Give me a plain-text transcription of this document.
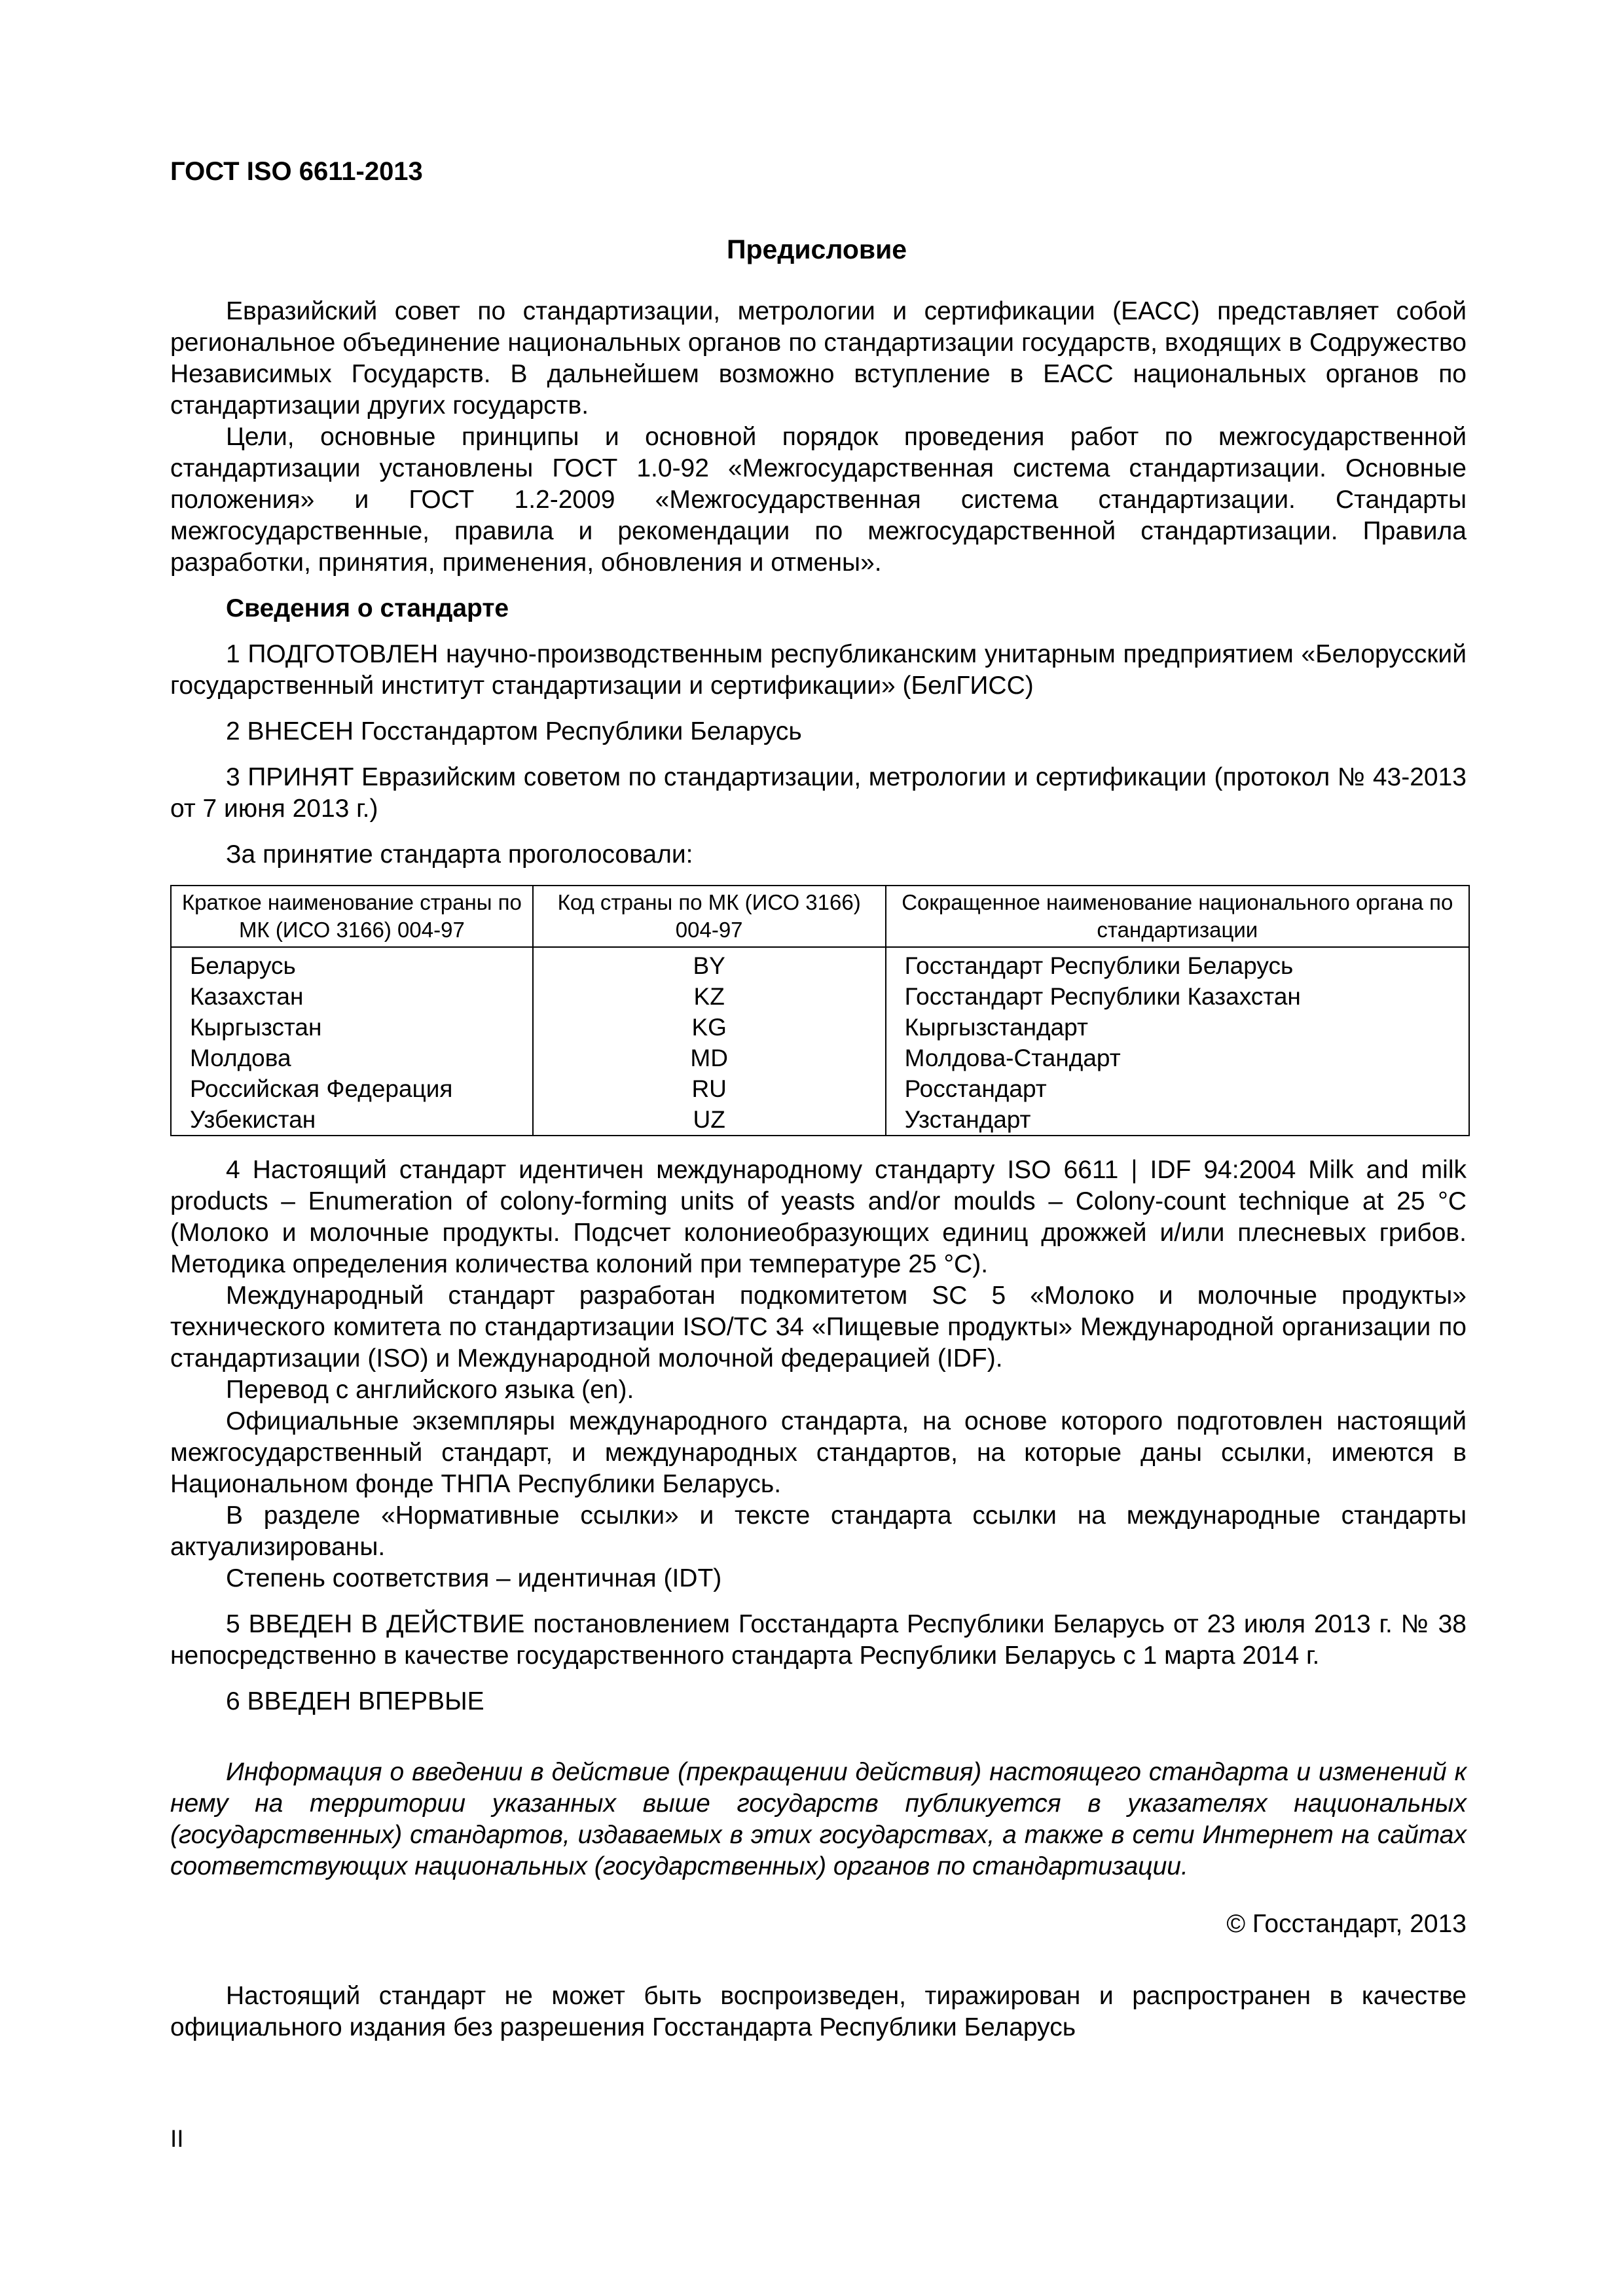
ГОСТ ISO 6611-2013
Предисловие

Евразийский совет по стандартизации, метрологии и сертификации (ЕАСС) представляет собой региональное объединение национальных органов по стандартизации государств, входящих в Содружество Независимых Государств. В дальнейшем возможно вступление в ЕАСС национальных органов по стандартизации других государств.

Цели, основные принципы и основной порядок проведения работ по межгосударственной стандартизации установлены ГОСТ 1.0-92 «Межгосударственная система стандартизации. Основные положения» и ГОСТ 1.2-2009 «Межгосударственная система стандартизации. Стандарты межгосударственные, правила и рекомендации по межгосударственной стандартизации. Правила разработки, принятия, применения, обновления и отмены».

Сведения о стандарте

1 ПОДГОТОВЛЕН научно-производственным республиканским унитарным предприятием «Белорусский государственный институт стандартизации и сертификации» (БелГИСС)

2 ВНЕСЕН Госстандартом Республики Беларусь

3 ПРИНЯТ Евразийским советом по стандартизации, метрологии и сертификации (протокол № 43-2013 от 7 июня 2013 г.)

За принятие стандарта проголосовали:

Краткое наименование страны по МК (ИСО 3166) 004-97	Код страны по МК (ИСО 3166) 004-97	Сокращенное наименование национального органа по стандартизации
Беларусь	BY	Госстандарт Республики Беларусь
Казахстан	KZ	Госстандарт Республики Казахстан
Кыргызстан	KG	Кыргызстандарт
Молдова	MD	Молдова-Стандарт
Российская Федерация	RU	Росстандарт
Узбекистан	UZ	Узстандарт

4 Настоящий стандарт идентичен международному стандарту ISO 6611 | IDF 94:2004 Milk and milk products – Enumeration of colony-forming units of yeasts and/or moulds – Colony-count technique at 25 °C (Молоко и молочные продукты. Подсчет колониеобразующих единиц дрожжей и/или плесневых грибов. Методика определения количества колоний при температуре 25 °C).

Международный стандарт разработан подкомитетом SC 5 «Молоко и молочные продукты» технического комитета по стандартизации ISO/TC 34 «Пищевые продукты» Международной организации по стандартизации (ISO) и Международной молочной федерацией (IDF).

Перевод с английского языка (en).

Официальные экземпляры международного стандарта, на основе которого подготовлен настоящий межгосударственный стандарт, и международных стандартов, на которые даны ссылки, имеются в Национальном фонде ТНПА Республики Беларусь.

В разделе «Нормативные ссылки» и тексте стандарта ссылки на международные стандарты актуализированы.

Степень соответствия – идентичная (IDT)

5 ВВЕДЕН В ДЕЙСТВИЕ постановлением Госстандарта Республики Беларусь от 23 июля 2013 г. № 38 непосредственно в качестве государственного стандарта Республики Беларусь с 1 марта 2014 г.

6 ВВЕДЕН ВПЕРВЫЕ

Информация о введении в действие (прекращении действия) настоящего стандарта и изменений к нему на территории указанных выше государств публикуется в указателях национальных (государственных) стандартов, издаваемых в этих государствах, а также в сети Интернет на сайтах соответствующих национальных (государственных) органов по стандартизации.

© Госстандарт, 2013

Настоящий стандарт не может быть воспроизведен, тиражирован и распространен в качестве официального издания без разрешения Госстандарта Республики Беларусь

II
